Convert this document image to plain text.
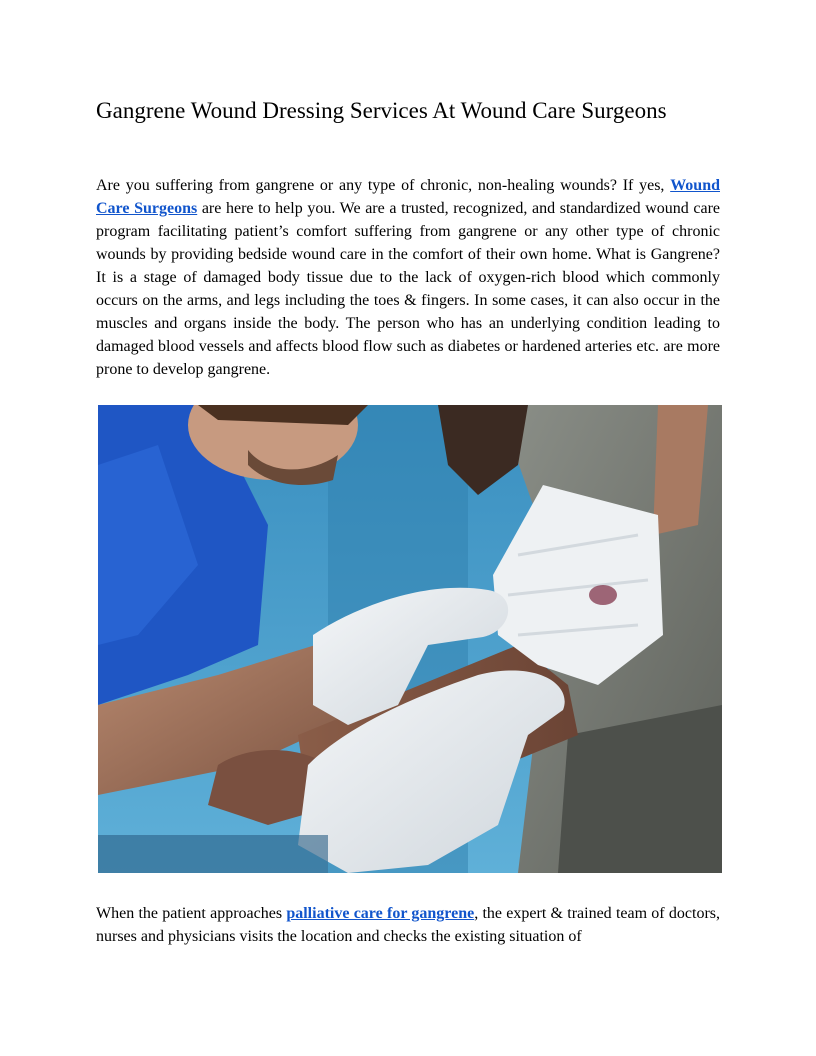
Gangrene Wound Dressing Services At Wound Care Surgeons

Are you suffering from gangrene or any type of chronic, non-healing wounds? If yes, Wound Care Surgeons are here to help you. We are a trusted, recognized, and standardized wound care program facilitating patient’s comfort suffering from gangrene or any other type of chronic wounds by providing bedside wound care in the comfort of their own home. What is Gangrene? It is a stage of damaged body tissue due to the lack of oxygen-rich blood which commonly occurs on the arms, and legs including the toes & fingers. In some cases, it can also occur in the muscles and organs inside the body. The person who has an underlying condition leading to damaged blood vessels and affects blood flow such as diabetes or hardened arteries etc. are more prone to develop gangrene.

When the patient approaches palliative care for gangrene, the expert & trained team of doctors, nurses and physicians visits the location and checks the existing situation of
